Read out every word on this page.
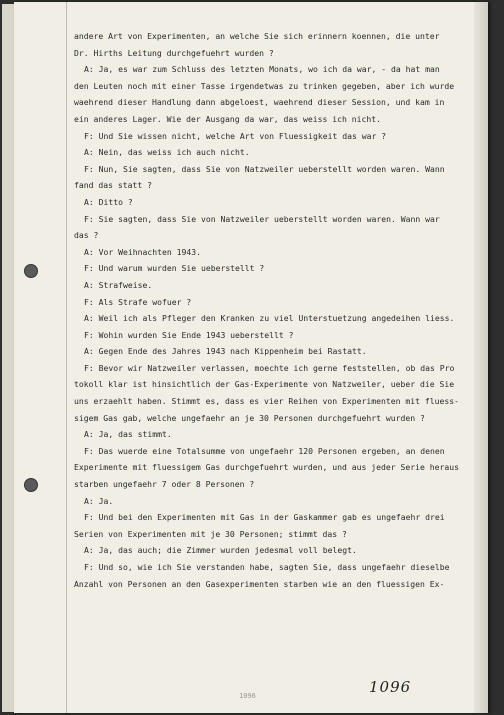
andere Art von Experimenten, an welche Sie sich erinnern koennen, die unter
Dr. Hirths Leitung durchgefuehrt wurden ?
A: Ja, es war zum Schluss des letzten Monats, wo ich da war, - da hat man
den Leuten noch mit einer Tasse irgendetwas zu trinken gegeben, aber ich wurde
waehrend dieser Handlung dann abgeloest, waehrend dieser Session, und kam in
ein anderes Lager. Wie der Ausgang da war, das weiss ich nicht.
F: Und Sie wissen nicht, welche Art von Fluessigkeit das war ?
A: Nein, das weiss ich auch nicht.
F: Nun, Sie sagten, dass Sie von Natzweiler ueberstellt worden waren. Wann
fand das statt ?
A: Ditto ?
F: Sie sagten, dass Sie von Natzweiler ueberstellt worden waren. Wann war
das ?
A: Vor Weihnachten 1943.
F: Und warum wurden Sie ueberstellt ?
A: Strafweise.
F: Als Strafe wofuer ?
A: Weil ich als Pfleger den Kranken zu viel Unterstuetzung angedeihen liess.
F: Wohin wurden Sie Ende 1943 ueberstellt ?
A: Gegen Ende des Jahres 1943 nach Kippenheim bei Rastatt.
F: Bevor wir Natzweiler verlassen, moechte ich gerne feststellen, ob das Pro
tokoll klar ist hinsichtlich der Gas-Experimente von Natzweiler, ueber die Sie
uns erzaehlt haben. Stimmt es, dass es vier Reihen von Experimenten mit fluess-
sigem Gas gab, welche ungefaehr an je 30 Personen durchgefuehrt wurden ?
A: Ja, das stimmt.
F: Das wuerde eine Totalsumme von ungefaehr 120 Personen ergeben, an denen
Experimente mit fluessigem Gas durchgefuehrt wurden, und aus jeder Serie heraus
starben ungefaehr 7 oder 8 Personen ?
A: Ja.
F: Und bei den Experimenten mit Gas in der Gaskammer gab es ungefaehr drei
Serien von Experimenten mit je 30 Personen; stimmt das ?
A: Ja, das auch; die Zimmer wurden jedesmal voll belegt.
F: Und so, wie ich Sie verstanden habe, sagten Sie, dass ungefaehr dieselbe
Anzahl von Personen an den Gasexperimenten starben wie an den fluessigen Ex-
1096	1096
